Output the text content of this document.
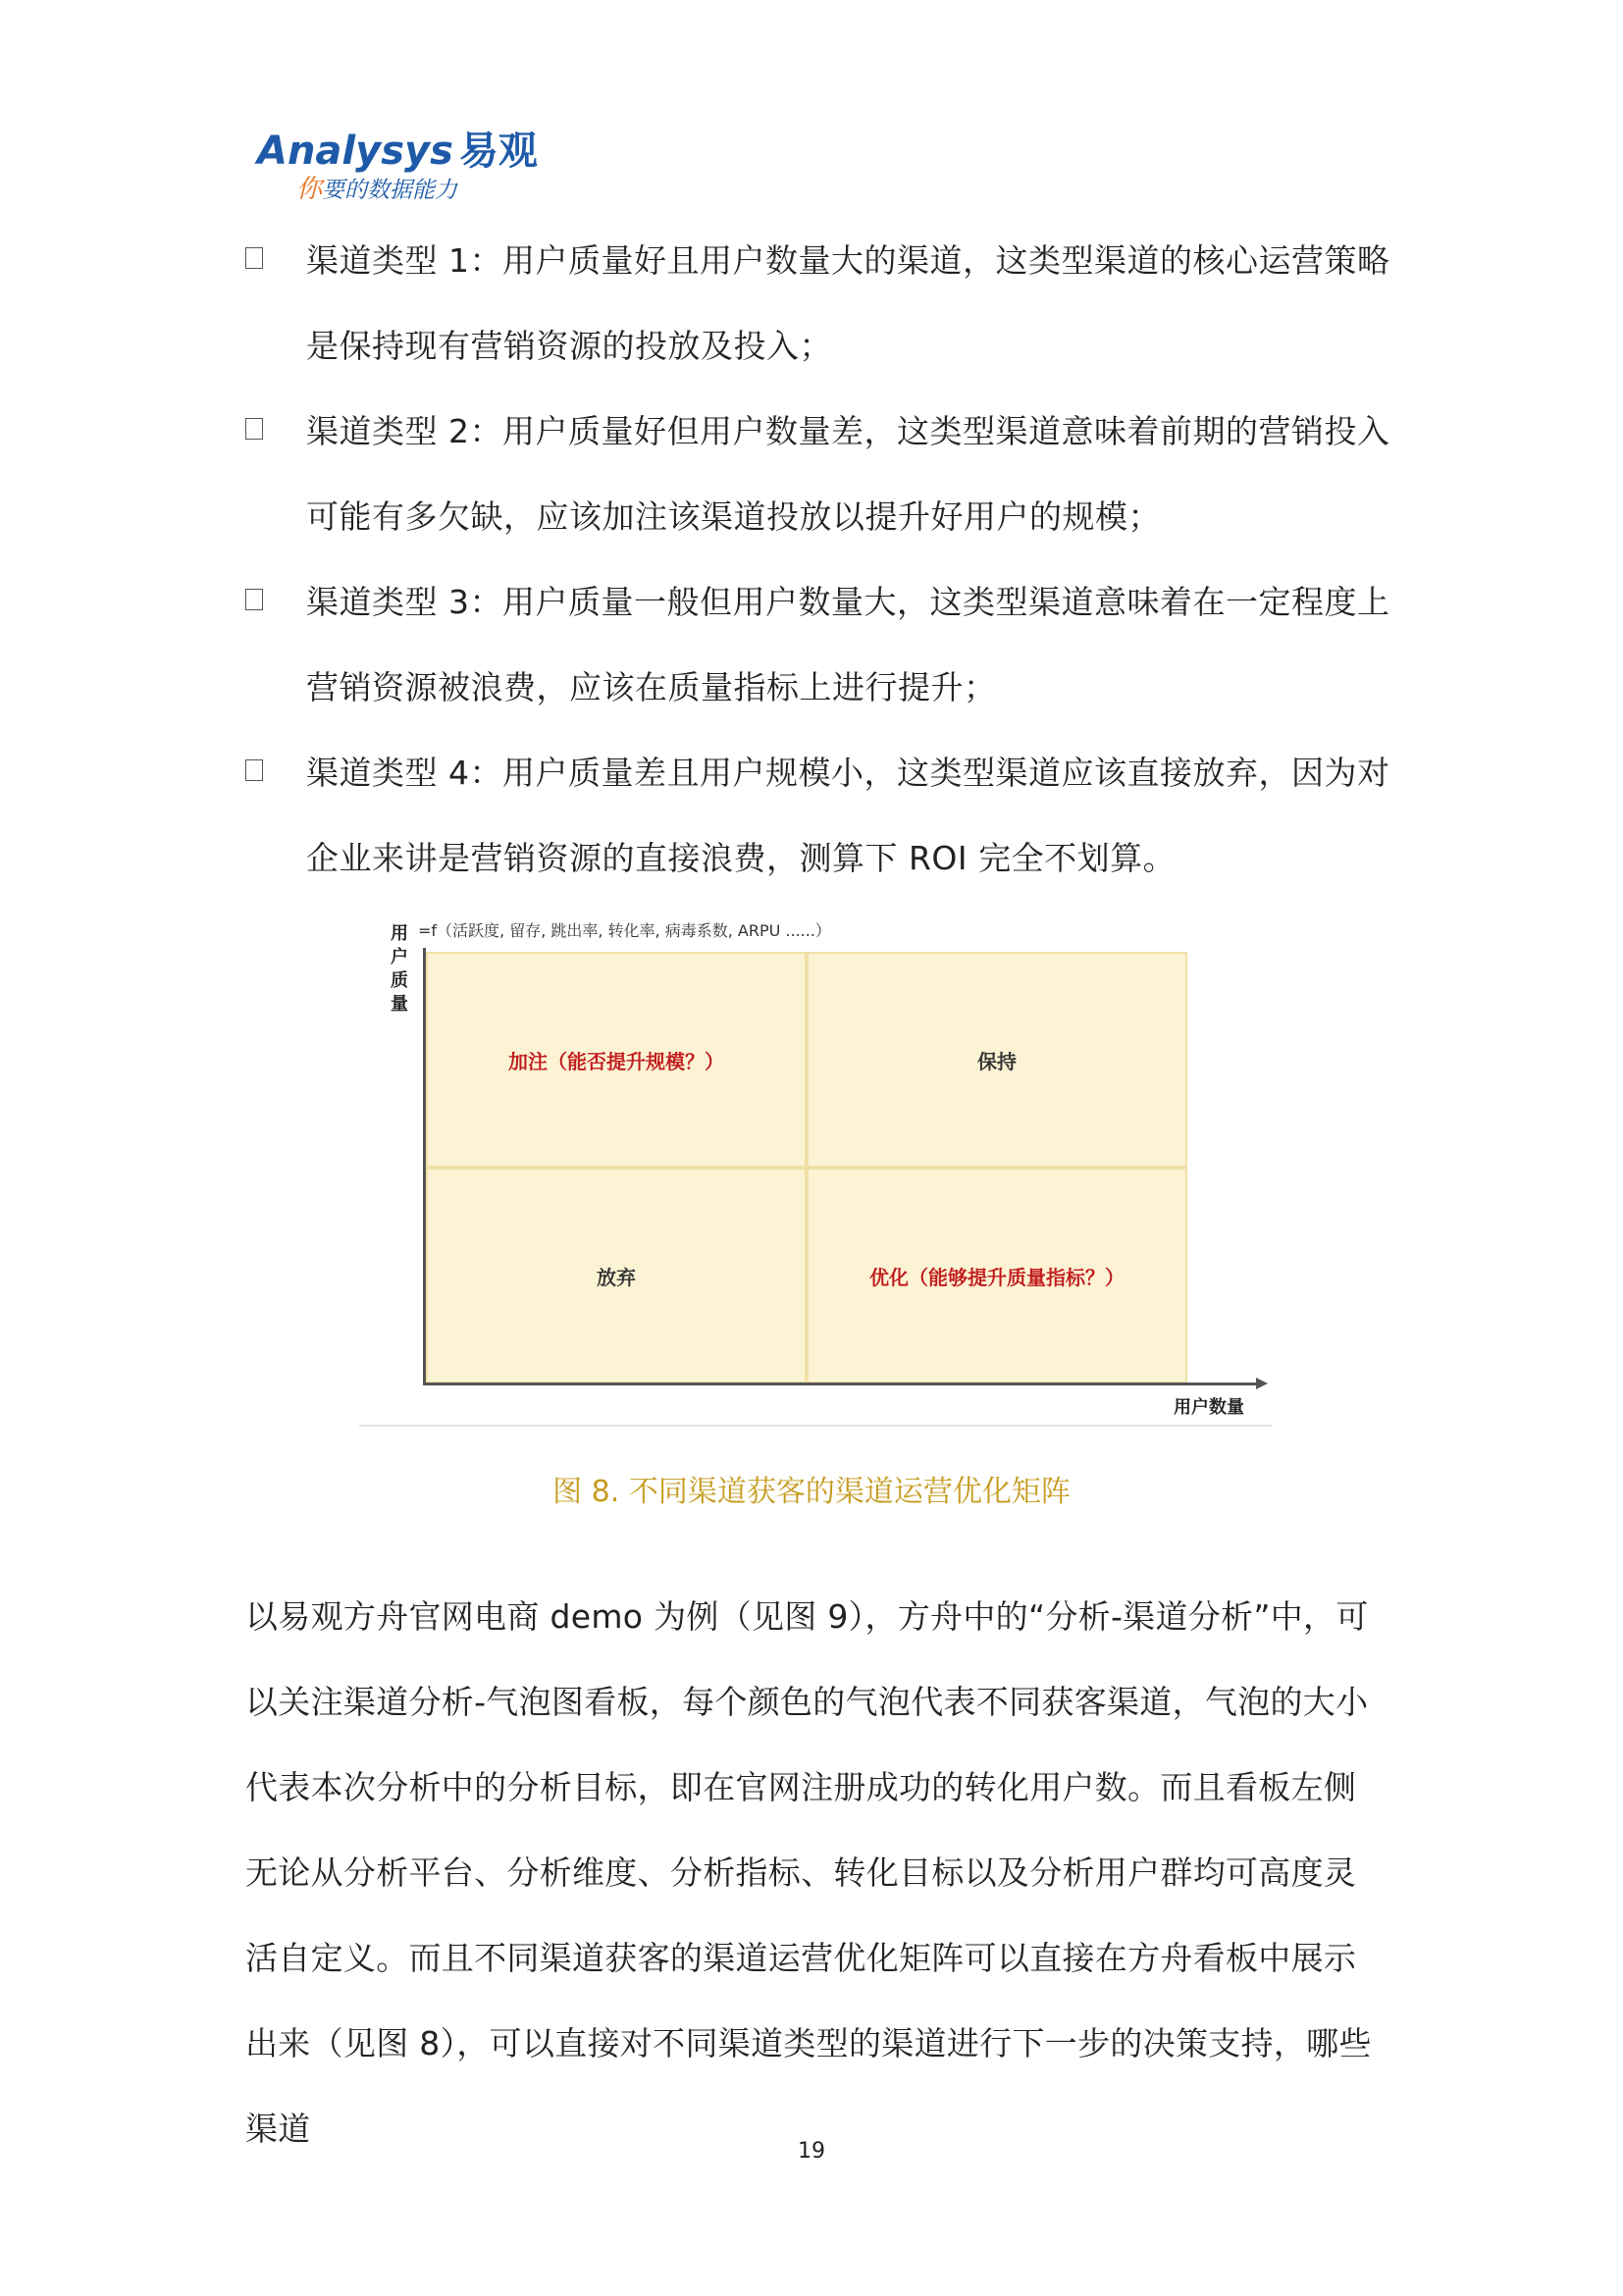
Analysys 易观
你要的数据能力
渠道类型 1：用户质量好且用户数量大的渠道，这类型渠道的核心运营策略是保持现有营销资源的投放及投入；
渠道类型 2：用户质量好但用户数量差，这类型渠道意味着前期的营销投入可能有多欠缺，应该加注该渠道投放以提升好用户的规模；
渠道类型 3：用户质量一般但用户数量大，这类型渠道意味着在一定程度上营销资源被浪费，应该在质量指标上进行提升；
渠道类型 4：用户质量差且用户规模小，这类型渠道应该直接放弃，因为对企业来讲是营销资源的直接浪费，测算下 ROI 完全不划算。
用户质量
=f（活跃度, 留存, 跳出率, 转化率, 病毒系数, ARPU ......）
加注（能否提升规模？）	保持
放弃	优化（能够提升质量指标？）
用户数量
图 8. 不同渠道获客的渠道运营优化矩阵
以易观方舟官网电商 demo 为例（见图 9），方舟中的“分析-渠道分析”中，可以关注渠道分析-气泡图看板，每个颜色的气泡代表不同获客渠道，气泡的大小代表本次分析中的分析目标，即在官网注册成功的转化用户数。而且看板左侧无论从分析平台、分析维度、分析指标、转化目标以及分析用户群均可高度灵活自定义。而且不同渠道获客的渠道运营优化矩阵可以直接在方舟看板中展示出来（见图 8），可以直接对不同渠道类型的渠道进行下一步的决策支持，哪些渠道
19
